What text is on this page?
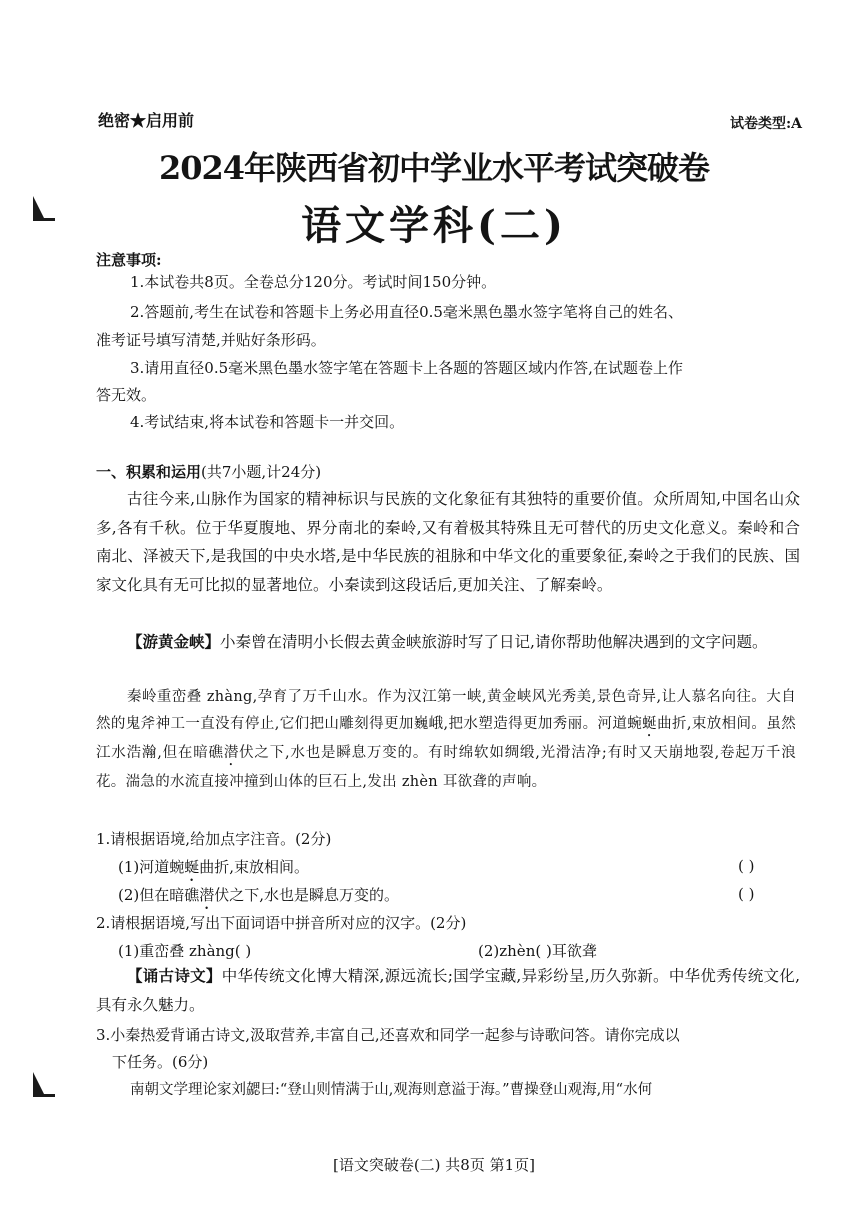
绝密★启用前	试卷类型:A
2024年陕西省初中学业水平考试突破卷
语文学科(二)
注意事项:
1.本试卷共8页。全卷总分120分。考试时间150分钟。
2.答题前,考生在试卷和答题卡上务必用直径0.5毫米黑色墨水签字笔将自己的姓名、
准考证号填写清楚,并贴好条形码。
3.请用直径0.5毫米黑色墨水签字笔在答题卡上各题的答题区域内作答,在试题卷上作
答无效。
4.考试结束,将本试卷和答题卡一并交回。
一、积累和运用(共7小题,计24分)
古往今来,山脉作为国家的精神标识与民族的文化象征有其独特的重要价值。众所周知,中国名山众多,各有千秋。位于华夏腹地、界分南北的秦岭,又有着极其特殊且无可替代的历史文化意义。秦岭和合南北、泽被天下,是我国的中央水塔,是中华民族的祖脉和中华文化的重要象征,秦岭之于我们的民族、国家文化具有无可比拟的显著地位。小秦读到这段话后,更加关注、了解秦岭。
【游黄金峡】小秦曾在清明小长假去黄金峡旅游时写了日记,请你帮助他解决遇到的文字问题。
秦岭重峦叠 zhàng,孕育了万千山水。作为汉江第一峡,黄金峡风光秀美,景色奇异,让人慕名向往。大自然的鬼斧神工一直没有停止,它们把山雕刻得更加巍峨,把水塑造得更加秀丽。河道蜿蜒曲折,束放相间。虽然江水浩瀚,但在暗礁潜伏之下,水也是瞬息万变的。有时绵软如绸缎,光滑洁净;有时又天崩地裂,卷起万千浪花。湍急的水流直接冲撞到山体的巨石上,发出 zhèn 耳欲聋的声响。
1.请根据语境,给加点字注音。(2分)
(1)河道蜿蜒曲折,束放相间。	( )
(2)但在暗礁潜伏之下,水也是瞬息万变的。	( )
2.请根据语境,写出下面词语中拼音所对应的汉字。(2分)
(1)重峦叠 zhàng( )	(2)zhèn( )耳欲聋
【诵古诗文】中华传统文化博大精深,源远流长;国学宝藏,异彩纷呈,历久弥新。中华优秀传统文化,具有永久魅力。
3.小秦热爱背诵古诗文,汲取营养,丰富自己,还喜欢和同学一起参与诗歌问答。请你完成以
下任务。(6分)
南朝文学理论家刘勰曰:“登山则情满于山,观海则意溢于海。”曹操登山观海,用“水何
[语文突破卷(二) 共8页 第1页]
